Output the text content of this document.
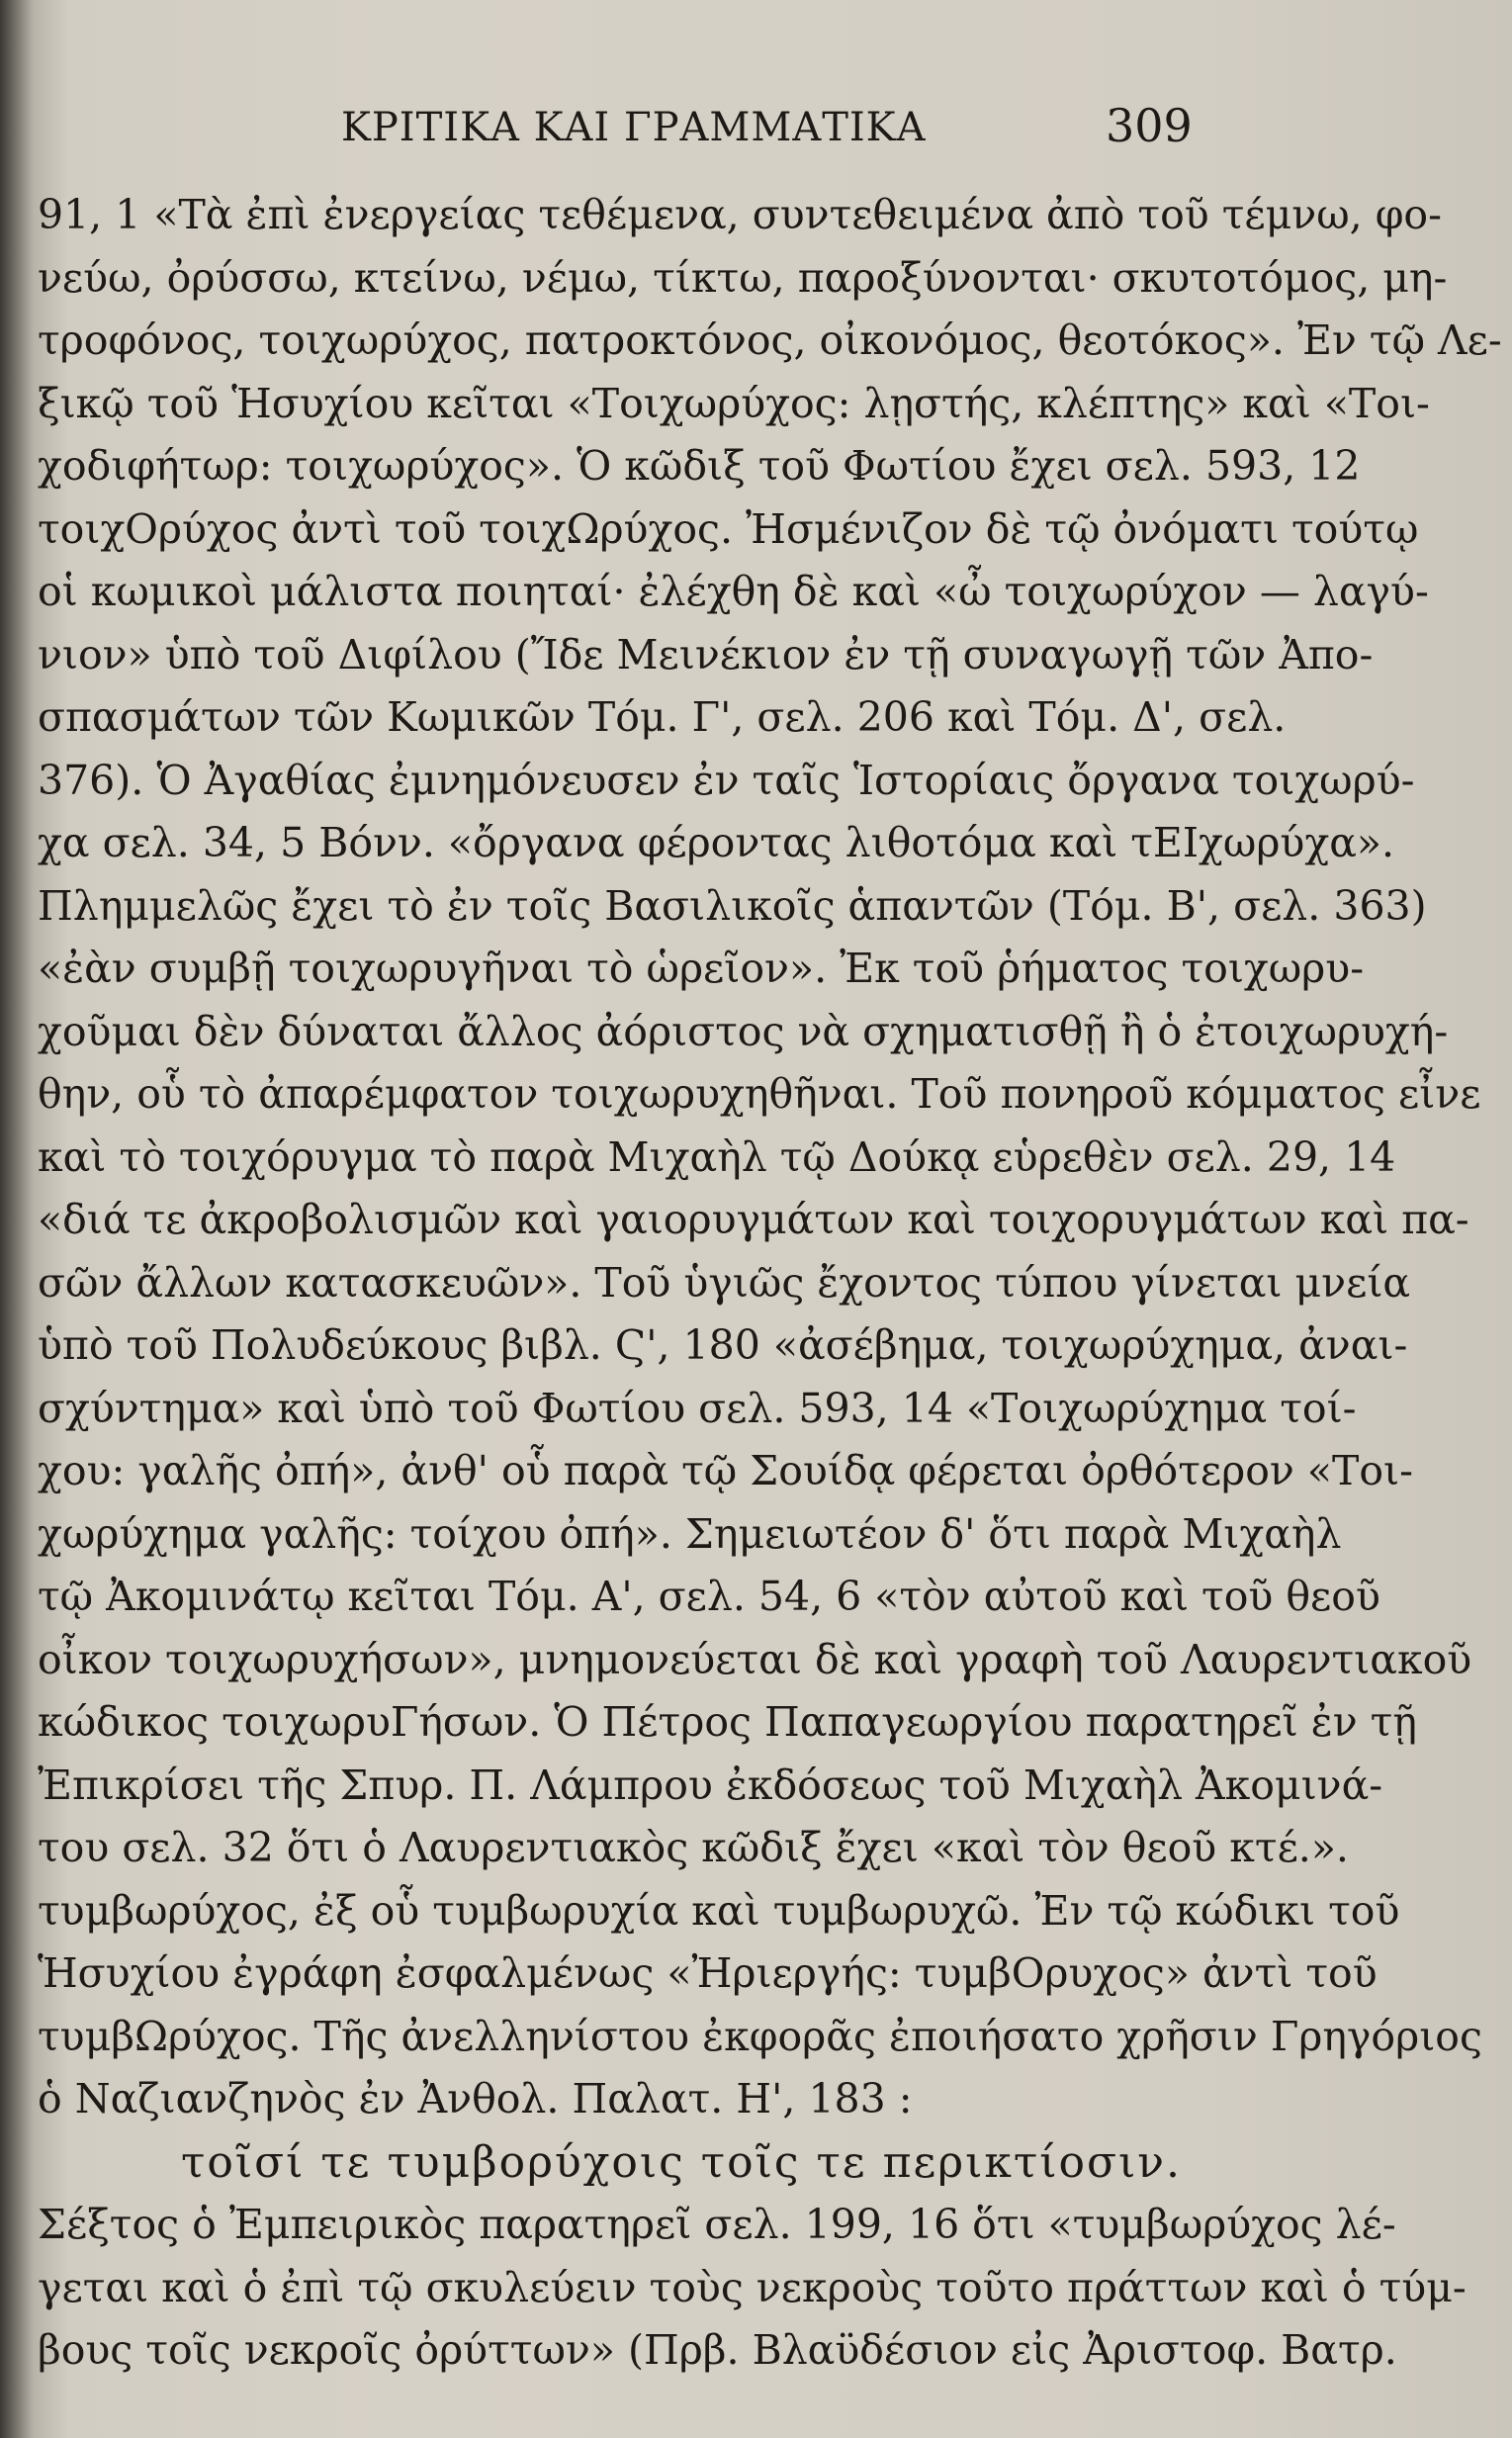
ΚΡΙΤΙΚΑ ΚΑΙ ΓΡΑΜΜΑΤΙΚΑ	309
91, 1 «Τὰ ἐπὶ ἐνεργείας τεθέμενα, συντεθειμένα ἀπὸ τοῦ τέμνω, φο-
νεύω, ὀρύσσω, κτείνω, νέμω, τίκτω, παροξύνονται· σκυτοτόμος, μη-
τροφόνος, τοιχωρύχος, πατροκτόνος, οἰκονόμος, θεοτόκος». Ἐν τῷ Λε-
ξικῷ τοῦ Ἡσυχίου κεῖται «Τοιχωρύχος: λῃστής, κλέπτης» καὶ «Τοι-
χοδιφήτωρ: τοιχωρύχος». Ὁ κῶδιξ τοῦ Φωτίου ἔχει σελ. 593, 12
τοιχΟρύχος ἀντὶ τοῦ τοιχΩρύχος. Ἠσμένιζον δὲ τῷ ὀνόματι τούτῳ
οἱ κωμικοὶ μάλιστα ποιηταί· ἐλέχθη δὲ καὶ «ὦ τοιχωρύχον — λαγύ-
νιον» ὑπὸ τοῦ Διφίλου (Ἴδε Μεινέκιον ἐν τῇ συναγωγῇ τῶν Ἀπο-
σπασμάτων τῶν Κωμικῶν Τόμ. Γ', σελ. 206 καὶ Τόμ. Δ', σελ.
376). Ὁ Ἀγαθίας ἐμνημόνευσεν ἐν ταῖς Ἱστορίαις ὄργανα τοιχωρύ-
χα σελ. 34, 5 Βόνν. «ὄργανα φέροντας λιθοτόμα καὶ τΕΙχωρύχα».
Πλημμελῶς ἔχει τὸ ἐν τοῖς Βασιλικοῖς ἁπαντῶν (Τόμ. Β', σελ. 363)
«ἐὰν συμβῇ τοιχωρυγῆναι τὸ ὡρεῖον». Ἐκ τοῦ ῥήματος τοιχωρυ-
χοῦμαι δὲν δύναται ἄλλος ἀόριστος νὰ σχηματισθῇ ἢ ὁ ἐτοιχωρυχή-
θην, οὗ τὸ ἀπαρέμφατον τοιχωρυχηθῆναι. Τοῦ πονηροῦ κόμματος εἶνε
καὶ τὸ τοιχόρυγμα τὸ παρὰ Μιχαὴλ τῷ Δούκᾳ εὑρεθὲν σελ. 29, 14
«διά τε ἀκροβολισμῶν καὶ γαιορυγμάτων καὶ τοιχορυγμάτων καὶ πα-
σῶν ἄλλων κατασκευῶν». Τοῦ ὑγιῶς ἔχοντος τύπου γίνεται μνεία
ὑπὸ τοῦ Πολυδεύκους βιβλ. Ϛ', 180 «ἀσέβημα, τοιχωρύχημα, ἀναι-
σχύντημα» καὶ ὑπὸ τοῦ Φωτίου σελ. 593, 14 «Τοιχωρύχημα τοί-
χου: γαλῆς ὀπή», ἀνθ' οὗ παρὰ τῷ Σουίδᾳ φέρεται ὀρθότερον «Τοι-
χωρύχημα γαλῆς: τοίχου ὀπή». Σημειωτέον δ' ὅτι παρὰ Μιχαὴλ
τῷ Ἀκομινάτῳ κεῖται Τόμ. Α', σελ. 54, 6 «τὸν αὐτοῦ καὶ τοῦ θεοῦ
οἶκον τοιχωρυχήσων», μνημονεύεται δὲ καὶ γραφὴ τοῦ Λαυρεντιακοῦ
κώδικος τοιχωρυΓήσων. Ὁ Πέτρος Παπαγεωργίου παρατηρεῖ ἐν τῇ
Ἐπικρίσει τῆς Σπυρ. Π. Λάμπρου ἐκδόσεως τοῦ Μιχαὴλ Ἀκομινά-
του σελ. 32 ὅτι ὁ Λαυρεντιακὸς κῶδιξ ἔχει «καὶ τὸν θεοῦ κτέ.».
τυμβωρύχος, ἐξ οὗ τυμβωρυχία καὶ τυμβωρυχῶ. Ἐν τῷ κώδικι τοῦ
Ἡσυχίου ἐγράφη ἐσφαλμένως «Ἠριεργής: τυμβΟρυχος» ἀντὶ τοῦ
τυμβΩρύχος. Τῆς ἀνελληνίστου ἐκφορᾶς ἐποιήσατο χρῆσιν Γρηγόριος
ὁ Ναζιανζηνὸς ἐν Ἀνθολ. Παλατ. Η', 183 :
τοῖσί τε τυμβορύχοις τοῖς τε περικτίοσιν.
Σέξτος ὁ Ἐμπειρικὸς παρατηρεῖ σελ. 199, 16 ὅτι «τυμβωρύχος λέ-
γεται καὶ ὁ ἐπὶ τῷ σκυλεύειν τοὺς νεκροὺς τοῦτο πράττων καὶ ὁ τύμ-
βους τοῖς νεκροῖς ὀρύττων» (Πρβ. Βλαϋδέσιον εἰς Ἀριστοφ. Βατρ.
